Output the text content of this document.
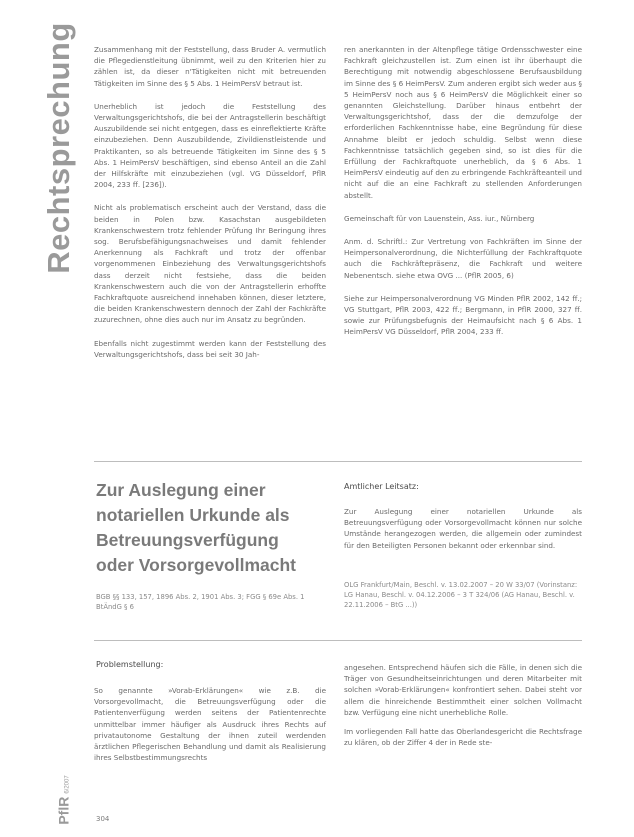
Rechtsprechung Zusammenhang mit der Feststellung, dass Bruder A. vermutlich die Pflegedienstleitung übnimmt, weil zu den Kriterien hier zu zählen ist, da dieser n'Tätigkeiten nicht mit betreuenden Tätigkeiten im Sinne des § 5 Abs. 1 HeimPersV betraut ist.

Unerheblich ist jedoch die Feststellung des Verwaltungsgerichtshofs, die bei der Antragstellerin beschäftigt Auszubildende sei nicht entgegen, dass es einreflektierte Kräfte einzubeziehen. Denn Auszubildende, Zivildienstleistende und Praktikanten, so als betreuende Tätigkeiten im Sinne des § 5 Abs. 1 HeimPersV beschäftigen, sind ebenso Anteil an die Zahl der Hilfskräfte mit einzubeziehen (vgl. VG Düsseldorf, PflR 2004, 233 ff. [236]).

Nicht als problematisch erscheint auch der Verstand, dass die beiden in Polen bzw. Kasachstan ausgebildeten Krankenschwestern trotz fehlender Prüfung Ihr Beringung ihres sog. Berufsbefähigungsnachweises und damit fehlender Anerkennung als Fachkraft und trotz der offenbar vorgenommenen Einbeziehung des Verwaltungsgerichtshofs dass derzeit nicht festsiehe, dass die beiden Krankenschwestern auch die von der Antragstellerin erhoffte Fachkraftquote ausreichend innehaben können, dieser letztere, die beiden Krankenschwestern dennoch der Zahl der Fachkräfte zuzurechnen, ohne dies auch nur im Ansatz zu begründen.

Ebenfalls nicht zugestimmt werden kann der Feststellung des Verwaltungsgerichtshofs, dass bei seit 30 Jah-

ren anerkannten in der Altenpflege tätige Ordensschwester eine Fachkraft gleichzustellen ist. Zum einen ist ihr überhaupt die Berechtigung mit notwendig abgeschlossene Berufsausbildung im Sinne des § 6 HeimPersV. Zum anderen ergibt sich weder aus § 5 HeimPersV noch aus § 6 HeimPersV die Möglichkeit einer so genannten Gleichstellung. Darüber hinaus entbehrt der Verwaltungsgerichtshof, dass der die demzufolge der erforderlichen Fachkenntnisse habe, eine Begründung für diese Annahme bleibt er jedoch schuldig. Selbst wenn diese Fachkenntnisse tatsächlich gegeben sind, so ist dies für die Erfüllung der Fachkraftquote unerheblich, da § 6 Abs. 1 HeimPersV eindeutig auf den zu erbringende Fachkräfteanteil und nicht auf die an eine Fachkraft zu stellenden Anforderungen abstellt.

Gemeinschaft für von Lauenstein, Ass. iur., Nürnberg

Anm. d. Schriftl.: Zur Vertretung von Fachkräften im Sinne der Heimpersonalverordnung, die Nichterfüllung der Fachkraftquote auch die Fachkräftepräsenz, die Fachkraft und weitere Nebenentsch. siehe etwa OVG ... (PflR 2005, 6)

Siehe zur Heimpersonalverordnung VG Minden PflR 2002, 142 ff.; VG Stuttgart, PflR 2003, 422 ff.; Bergmann, in PflR 2000, 327 ff. sowie zur Prüfungsbefugnis der Heimaufsicht nach § 6 Abs. 1 HeimPersV VG Düsseldorf, PflR 2004, 233 ff.

Zur Auslegung einer
notariellen Urkunde als
Betreuungsverfügung
oder Vorsorgevollmacht
BGB §§ 133, 157, 1896 Abs. 2, 1901 Abs. 3; FGG § 69e Abs. 1 BtÄndG § 6
Amtlicher Leitsatz:
Zur Auslegung einer notariellen Urkunde als Betreuungsverfügung oder Vorsorgevollmacht können nur solche Umstände herangezogen werden, die allgemein oder zumindest für den Beteiligten Personen bekannt oder erkennbar sind.
OLG Frankfurt/Main, Beschl. v. 13.02.2007 – 20 W 33/07 (Vorinstanz: LG Hanau, Beschl. v. 04.12.2006 – 3 T 324/06 (AG Hanau, Beschl. v. 22.11.2006 – BtG ...))
Problemstellung:

So genannte »Vorab-Erklärungen« wie z.B. die Vorsorgevollmacht, die Betreuungsverfügung oder die Patientenverfügung werden seitens der Patientenrechte unmittelbar immer häufiger als Ausdruck ihres Rechts auf privatautonome Gestaltung der ihnen zuteil werdenden ärztlichen Pflegerischen Behandlung und damit als Realisierung ihres Selbstbestimmungsrechts

angesehen. Entsprechend häufen sich die Fälle, in denen sich die Träger von Gesundheitseinrichtungen und deren Mitarbeiter mit solchen »Vorab-Erklärungen« konfrontiert sehen. Dabei steht vor allem die hinreichende Bestimmtheit einer solchen Vollmacht bzw. Verfügung eine nicht unerhebliche Rolle.

Im vorliegenden Fall hatte das Oberlandesgericht die Rechtsfrage zu klären, ob der Ziffer 4 der in Rede ste-

PflR6/2007
304
